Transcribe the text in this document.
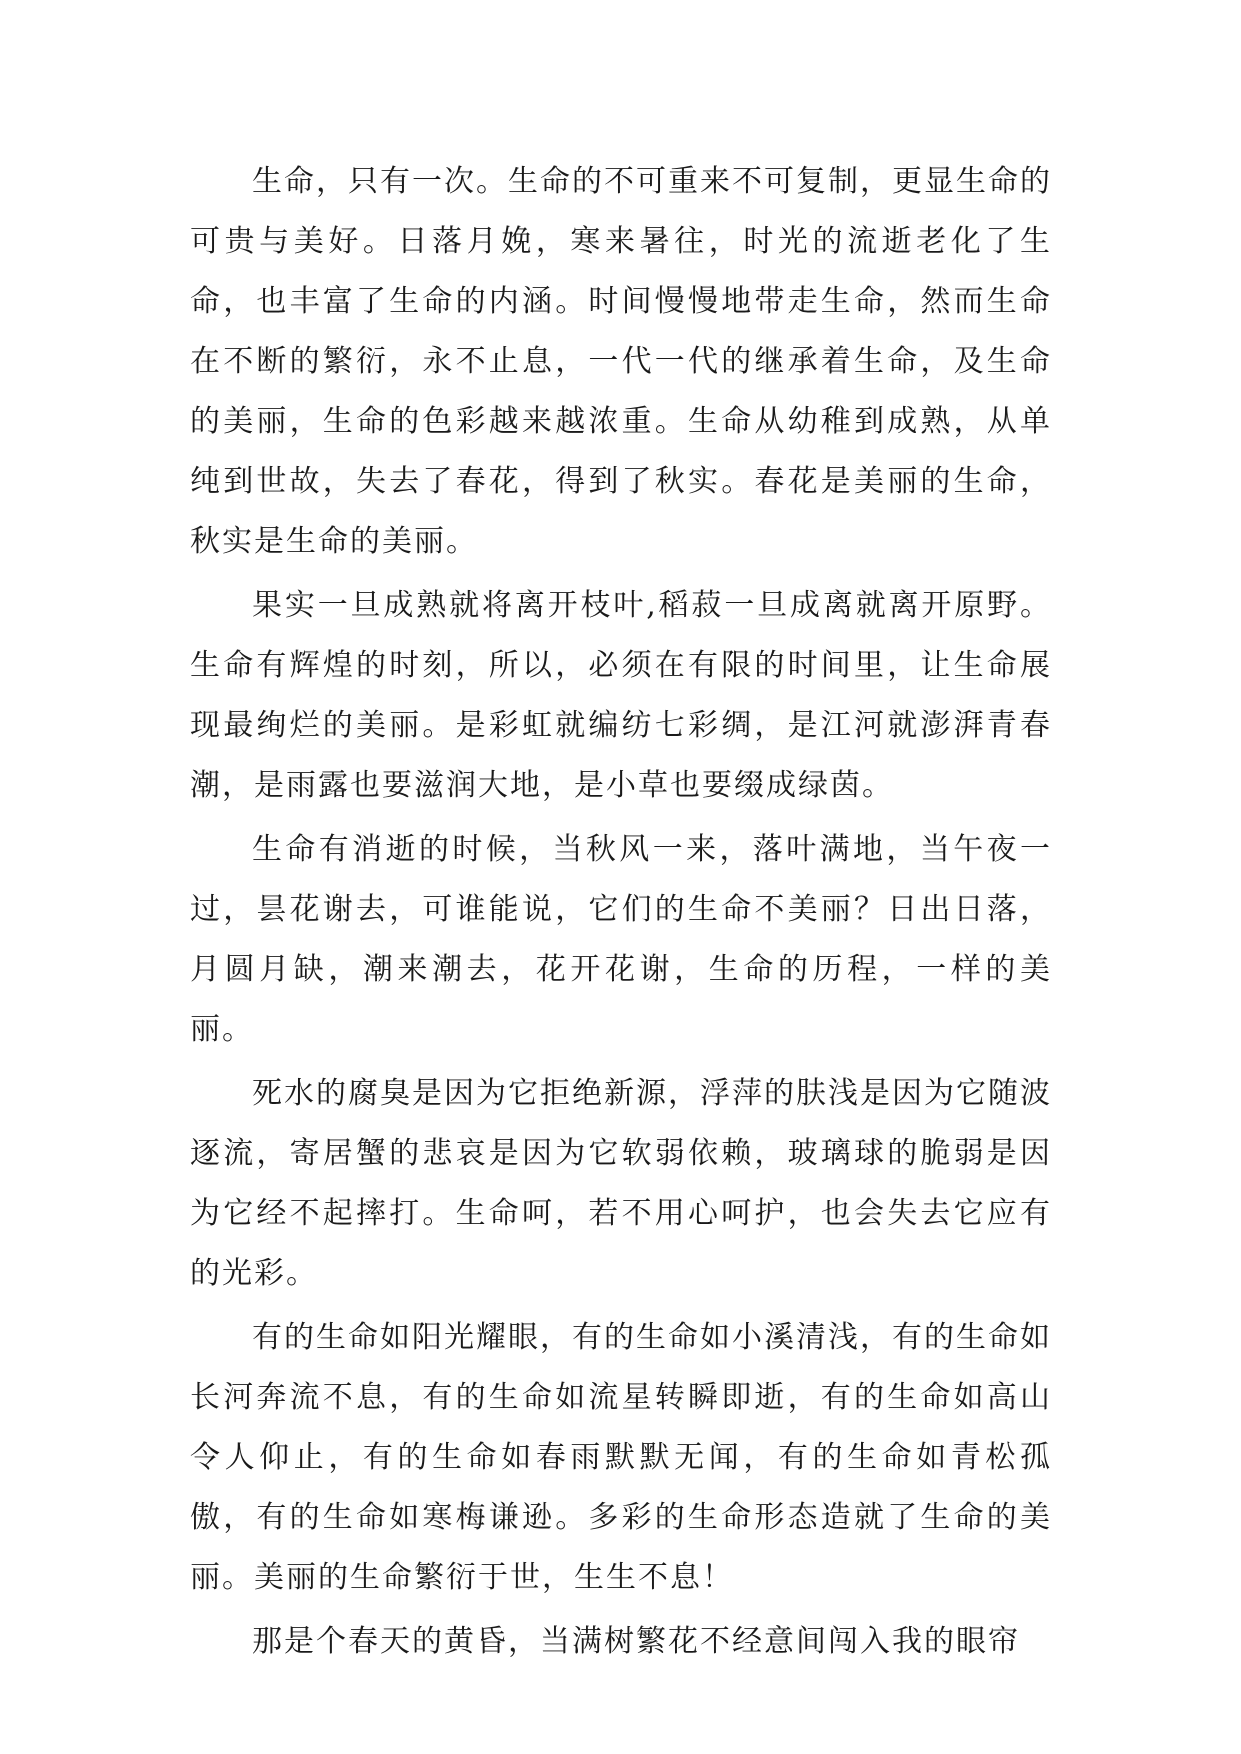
生命，只有一次。生命的不可重来不可复制，更显生命的可贵与美好。日落月娩，寒来暑往，时光的流逝老化了生命，也丰富了生命的内涵。时间慢慢地带走生命，然而生命在不断的繁衍，永不止息，一代一代的继承着生命，及生命的美丽，生命的色彩越来越浓重。生命从幼稚到成熟，从单纯到世故，失去了春花，得到了秋实。春花是美丽的生命，秋实是生命的美丽。

果实一旦成熟就将离开枝叶,稻菽一旦成离就离开原野。生命有辉煌的时刻，所以，必须在有限的时间里，让生命展现最绚烂的美丽。是彩虹就编纺七彩绸，是江河就澎湃青春潮，是雨露也要滋润大地，是小草也要缀成绿茵。

生命有消逝的时候，当秋风一来，落叶满地，当午夜一过，昙花谢去，可谁能说，它们的生命不美丽？日出日落，月圆月缺，潮来潮去，花开花谢，生命的历程，一样的美丽。

死水的腐臭是因为它拒绝新源，浮萍的肤浅是因为它随波逐流，寄居蟹的悲哀是因为它软弱依赖，玻璃球的脆弱是因为它经不起摔打。生命呵，若不用心呵护，也会失去它应有的光彩。

有的生命如阳光耀眼，有的生命如小溪清浅，有的生命如长河奔流不息，有的生命如流星转瞬即逝，有的生命如高山令人仰止，有的生命如春雨默默无闻，有的生命如青松孤傲，有的生命如寒梅谦逊。多彩的生命形态造就了生命的美丽。美丽的生命繁衍于世，生生不息！

那是个春天的黄昏，当满树繁花不经意间闯入我的眼帘
